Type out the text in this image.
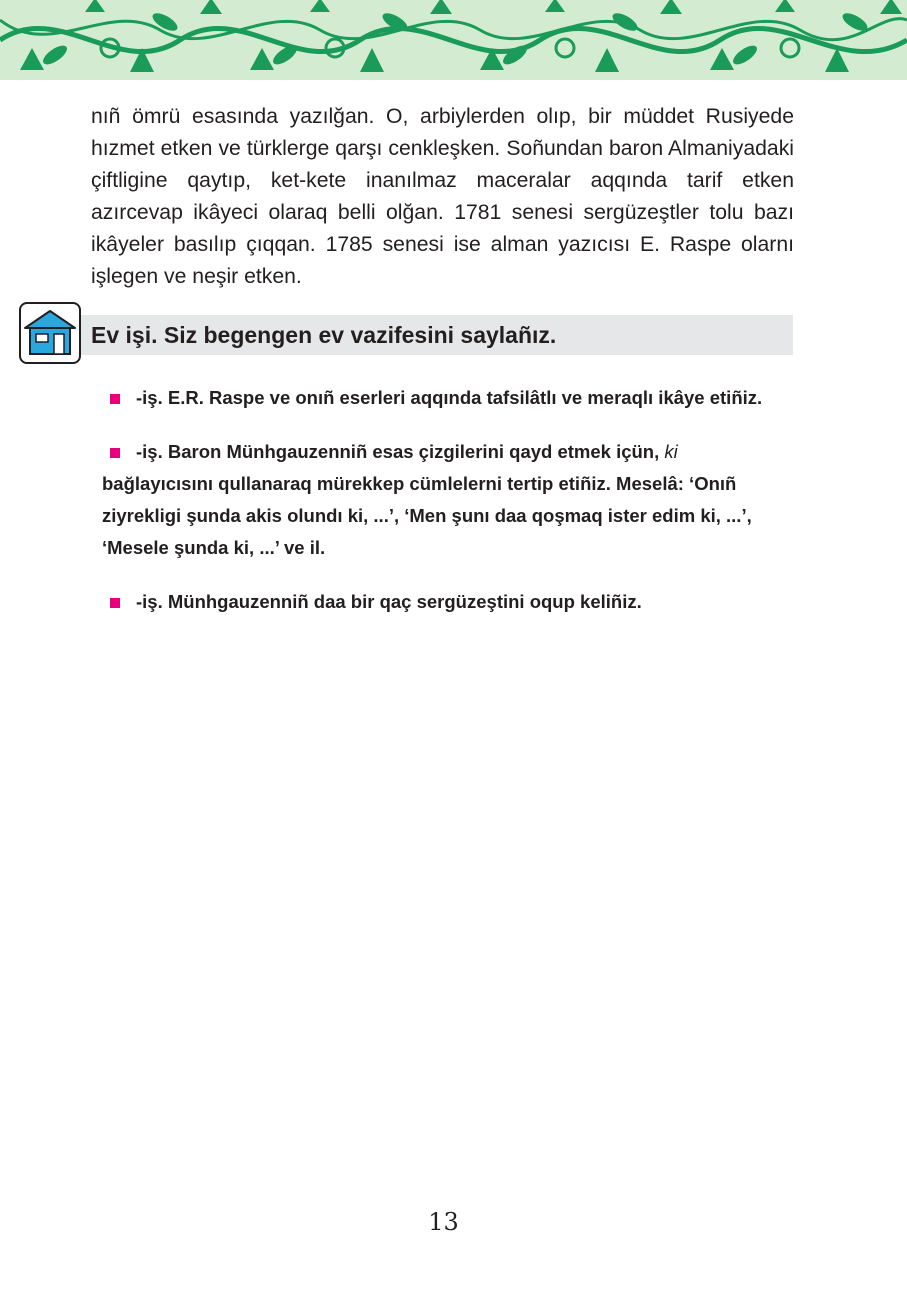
nıñ ömrü esasında yazılğan. O, arbiylerden olıp, bir müddet Rusiyede hızmet etken ve türklerge qarşı cenkleşken. Soñundan baron Almaniyadaki çiftligine qaytıp, ket-kete inanılmaz maceralar aqqında tarif etken azırcevap ikâyeci olaraq belli olğan. 1781 senesi sergüzeştler tolu bazı ikâyeler basılıp çıqqan. 1785 senesi ise alman yazıcısı E. Raspe olarnı işlegen ve neşir etken.

Ev işi. Siz begengen ev vazifesini saylañız.

-iş. E.R. Raspe ve onıñ eserleri aqqında tafsilâtlı ve meraqlı ikâye etiñiz.

-iş. Baron Münhgauzenniñ esas çizgilerini qayd etmek içün, ki bağlayıcısını qullanaraq mürekkep cümlelerni tertip etiñiz. Meselâ: ‘Onıñ ziyrekligi şunda akis olundı ki, ...’, ‘Men şunı daa qoşmaq ister edim ki, ...’, ‘Mesele şunda ki, ...’ ve il.

-iş. Münhgauzenniñ daa bir qaç sergüzeştini oqup keliñiz.

13
